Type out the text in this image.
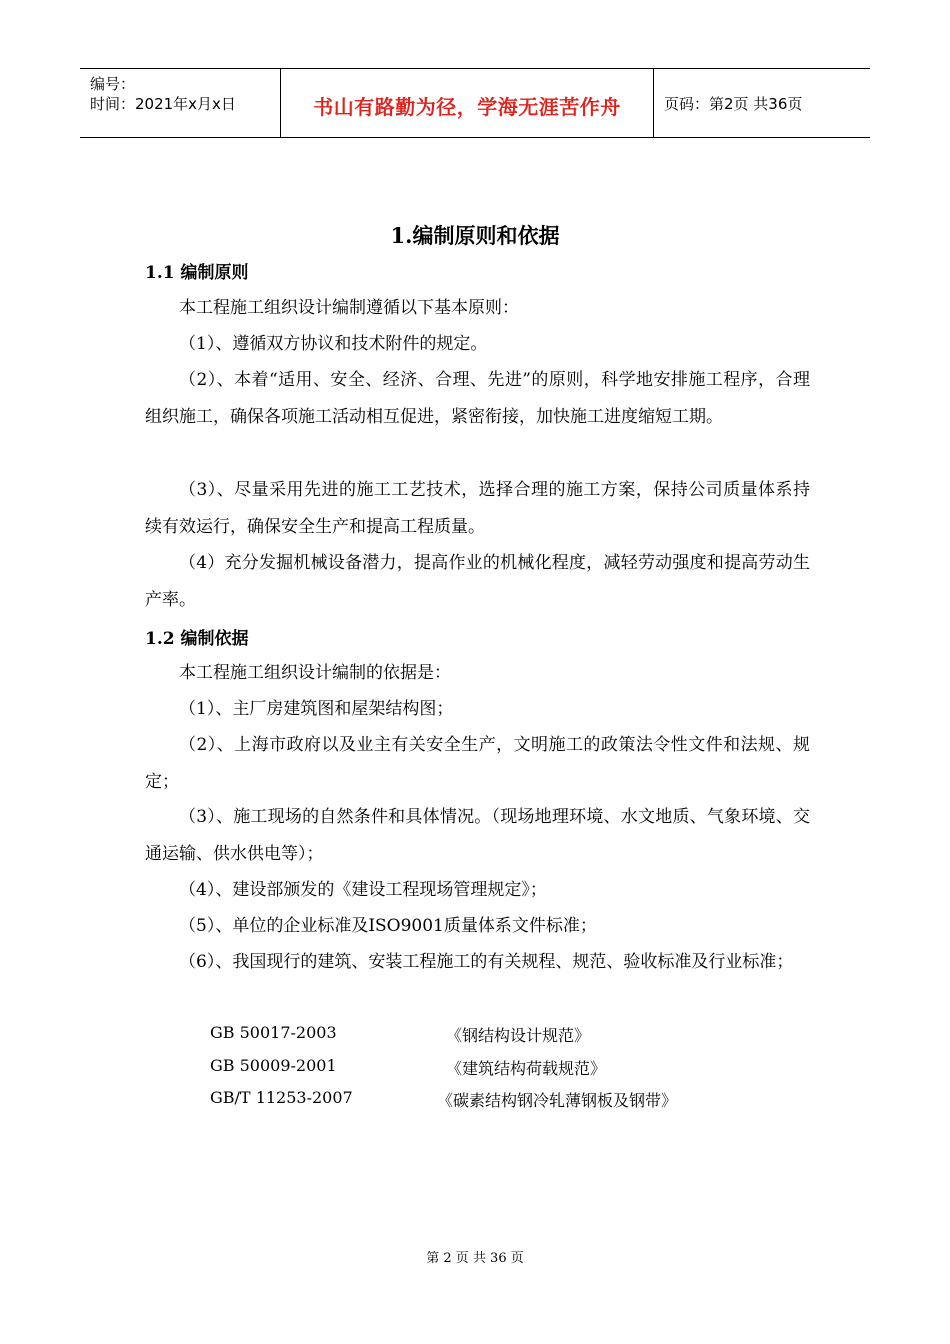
编号：
时间：2021年x月x日	书山有路勤为径，学海无涯苦作舟	页码：第2页 共36页
1.编制原则和依据
1.1 编制原则

本工程施工组织设计编制遵循以下基本原则：

（1）、遵循双方协议和技术附件的规定。

（2）、本着“适用、安全、经济、合理、先进”的原则，科学地安排施工程序，合理组织施工，确保各项施工活动相互促进，紧密衔接，加快施工进度缩短工期。

（3）、尽量采用先进的施工工艺技术，选择合理的施工方案，保持公司质量体系持续有效运行，确保安全生产和提高工程质量。

（4）充分发掘机械设备潜力，提高作业的机械化程度，减轻劳动强度和提高劳动生产率。

1.2 编制依据

本工程施工组织设计编制的依据是：

（1）、主厂房建筑图和屋架结构图；

（2）、上海市政府以及业主有关安全生产，文明施工的政策法令性文件和法规、规定；

（3）、施工现场的自然条件和具体情况。（现场地理环境、水文地质、气象环境、交通运输、供水供电等）；

（4）、建设部颁发的《建设工程现场管理规定》；

（5）、单位的企业标准及ISO9001质量体系文件标准；

（6）、我国现行的建筑、安装工程施工的有关规程、规范、验收标准及行业标准；

GB 50017-2003	《钢结构设计规范》
GB 50009-2001	《建筑结构荷载规范》
GB/T 11253-2007	《碳素结构钢冷轧薄钢板及钢带》
第 2 页 共 36 页
